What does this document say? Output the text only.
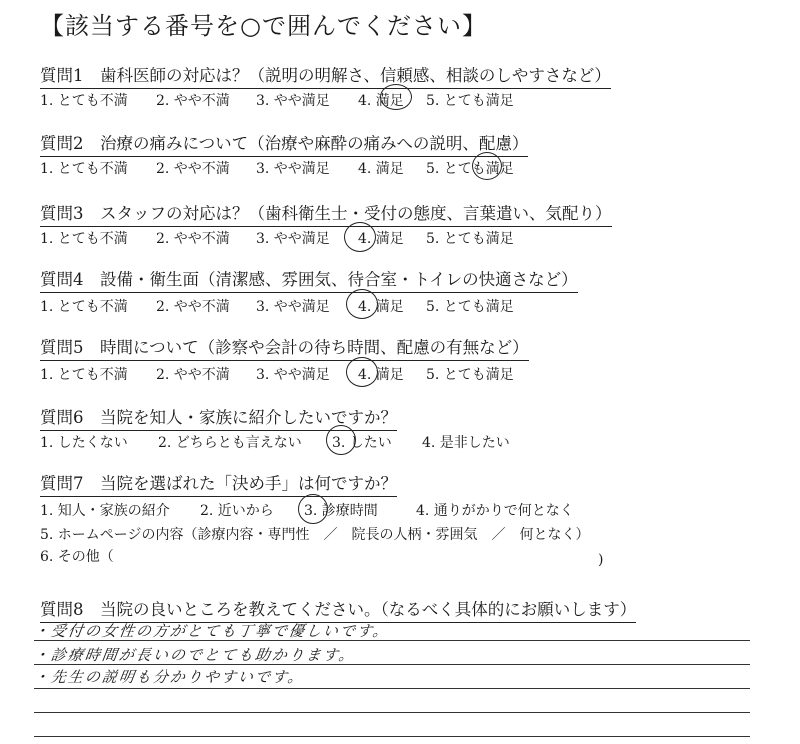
【該当する番号を○で囲んでください】
質問1　歯科医師の対応は？（説明の明解さ、信頼感、相談のしやすさなど）
1. とても不満 2. やや不満 3. やや満足 4. 満足 5. とても満足
質問2　治療の痛みについて（治療や麻酔の痛みへの説明、配慮）
1. とても不満 2. やや不満 3. やや満足 4. 満足 5. とても満足
質問3　スタッフの対応は？（歯科衛生士・受付の態度、言葉遣い、気配り）
1. とても不満 2. やや不満 3. やや満足 4. 満足 5. とても満足
質問4　設備・衛生面（清潔感、雰囲気、待合室・トイレの快適さなど）
1. とても不満 2. やや不満 3. やや満足 4. 満足 5. とても満足
質問5　時間について（診察や会計の待ち時間、配慮の有無など）
1. とても不満 2. やや不満 3. やや満足 4. 満足 5. とても満足
質問6　当院を知人・家族に紹介したいですか？
1. したくない 2. どちらとも言えない 3. したい 4. 是非したい
質問7　当院を選ばれた「決め手」は何ですか？
1. 知人・家族の紹介 2. 近いから 3. 診療時間	4. 通りがかりで何となく
5. ホームページの内容（診療内容・専門性　／　院長の人柄・雰囲気　／　何となく）
6. その他（	)
質問8　当院の良いところを教えてください。（なるべく具体的にお願いします）
・受付の女性の方がとても丁寧で優しいです。
・診療時間が長いのでとても助かります。
・先生の説明も分かりやすいです。
